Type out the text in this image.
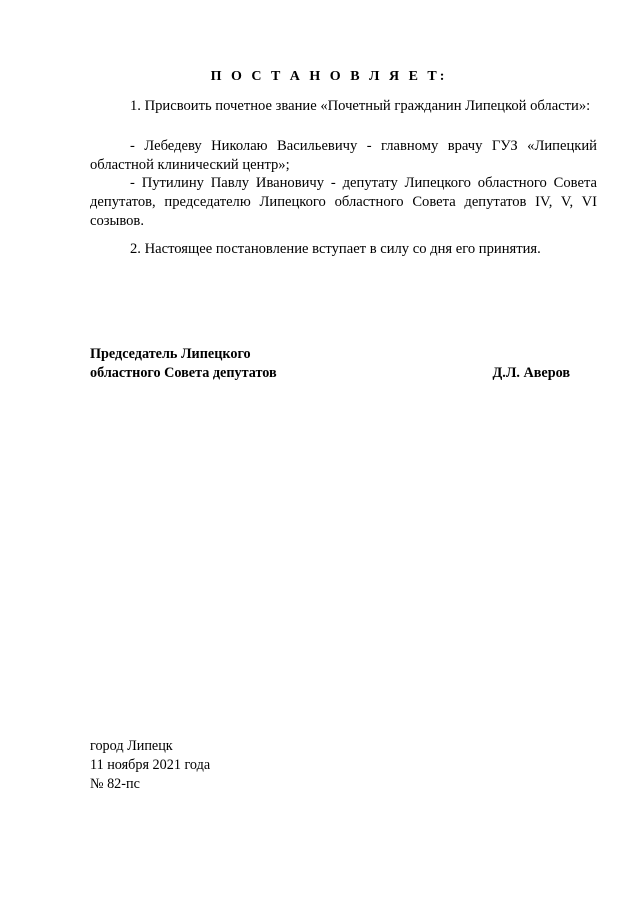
П О С Т А Н О В Л Я Е Т:

1. Присвоить почетное звание «Почетный гражданин Липецкой области»:

- Лебедеву Николаю Васильевичу - главному врачу ГУЗ «Липецкий областной клинический центр»;

- Путилину Павлу Ивановичу - депутату Липецкого областного Совета депутатов, председателю Липецкого областного Совета депутатов IV, V, VI созывов.

2. Настоящее постановление вступает в силу со дня его принятия.

Председатель Липецкого
областного Совета депутатов	Д.Л. Аверов
город Липецк
11 ноября 2021 года
№ 82-пс
